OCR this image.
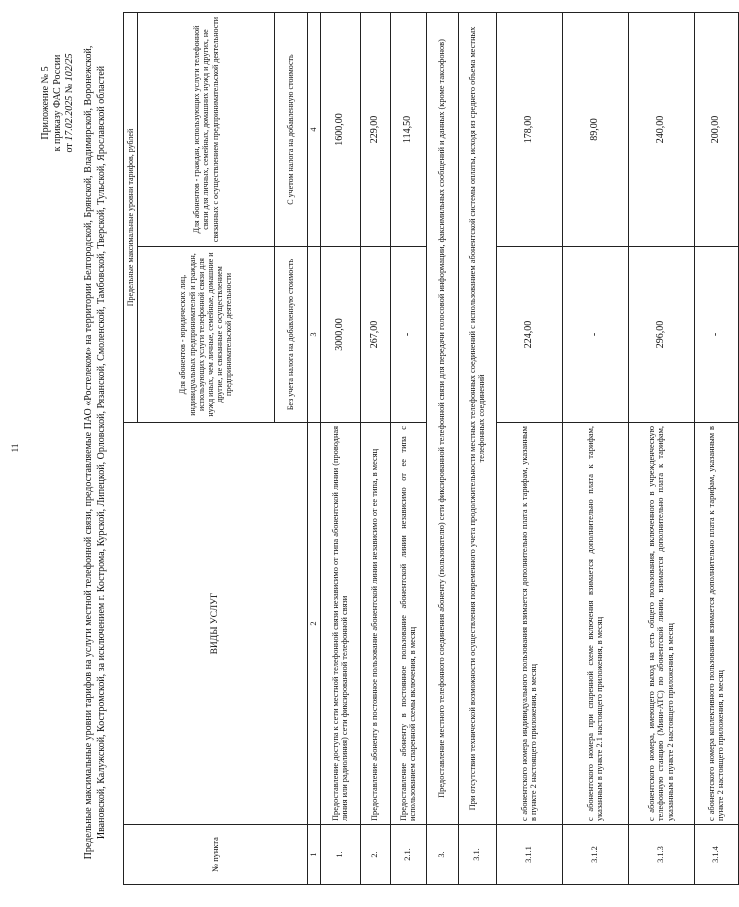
11
Приложение № 5 к приказу ФАС России от 17.02.2025 № 102/25 Предельные максимальные уровни тарифов на услуги местной телефонной связи, предоставляемые ПАО «Ростелеком» на территории Белгородской, Брянской, Владимирской, Воронежской, Ивановской, Калужской, Костромской, за исключением г. Кострома, Курской, Липецкой, Орловской, Рязанской, Смоленской, Тамбовской, Тверской, Тульской, Ярославской областей
№ пункта	ВИДЫ УСЛУГ	Предельные максимальные уровни тарифов, рублей	
		Для абонентов - юридических лиц, индивидуальных предпринимателей и граждан, использующих услуги телефонной связи для нужд иных, чем личные, семейные, домашние и другие, не связанные с осуществлением предпринимательской деятельности	Для абонентов - граждан, использующих услуги телефонной связи для личных, семейных, домашних нужд и других, не связанных с осуществлением предпринимательской деятельности
		Без учета налога на добавленную стоимость	С учетом налога на добавленную стоимость
1	2	3	4
1.	Предоставление доступа к сети местной телефонной связи независимо от типа абонентской линии (проводная линия или радиолиния) сети фиксированной телефонной связи	3000,00	1600,00
2.	Предоставление абоненту в постоянное пользование абонентской линии независимо от ее типа, в месяц	267,00	229,00
2.1.	Предоставление абоненту в постоянное пользование абонентской линии независимо от ее типа с использованием спаренной схемы включения, в месяц	-	114,50
3.	Предоставление местного телефонного соединения абоненту (пользователю) сети фиксированной телефонной связи для передачи голосовой информации, факсимильных сообщений и данных (кроме таксофонов)		
3.1.	При отсутствии технической возможности осуществления повременного учета продолжительности местных телефонных соединений с использованием абонентской системы оплаты, исходя из среднего объема местных телефонных соединений		
3.1.1	с абонентского номера индивидуального пользования взимается дополнительно плата к тарифам, указанным в пункте 2 настоящего приложения, в месяц	224,00	178,00
3.1.2	с абонентского номера при спаренной схеме включения взимается дополнительно плата к тарифам, указанным в пункте 2.1 настоящего приложения, в месяц	-	89,00
3.1.3	с абонентского номера, имеющего выход на сеть общего пользования, включенного в учрежденческую телефонную станцию (Мини-АТС) по абонентской линии, взимается дополнительно плата к тарифам, указанным в пункте 2 настоящего приложения, в месяц	296,00	240,00
3.1.4	с абонентского номера коллективного пользования взимается дополнительно плата к тарифам, указанным в пункте 2 настоящего приложения, в месяц	-	200,00
